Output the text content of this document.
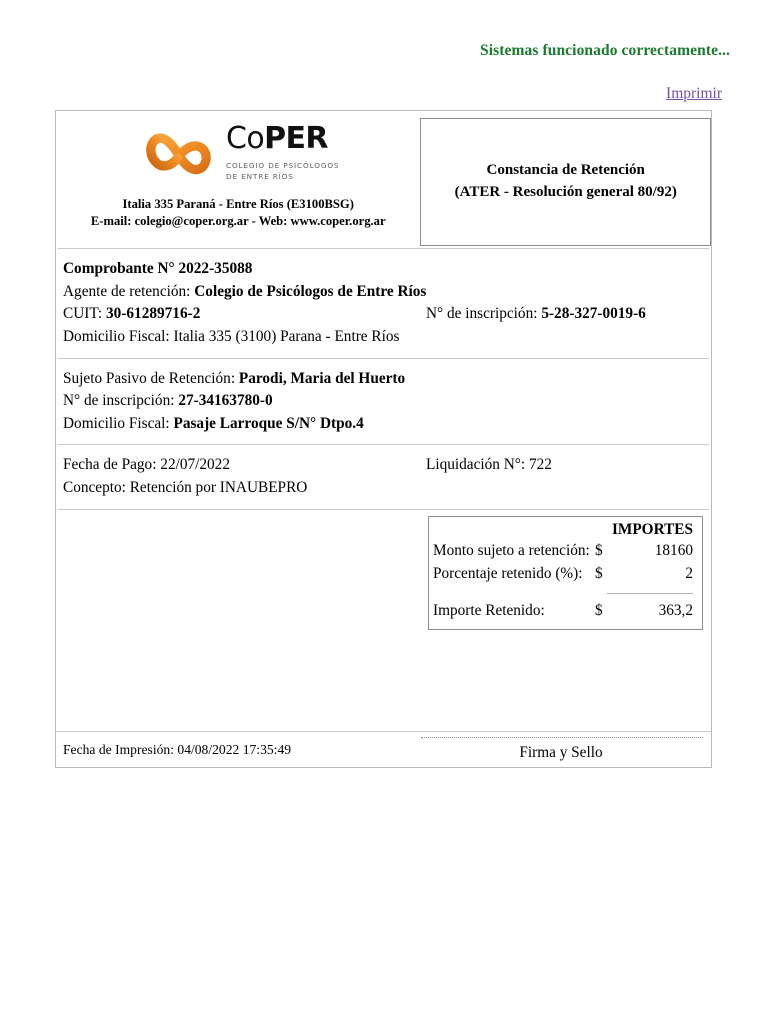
Sistemas funcionado correctamente...
Imprimir
CoPER
COLEGIO DE PSICÓLOGOS
DE ENTRE RÍOS
Italia 335 Paraná - Entre Ríos (E3100BSG)
E-mail: colegio@coper.org.ar - Web: www.coper.org.ar
Constancia de Retención
(ATER - Resolución general 80/92)
Comprobante N° 2022-35088
Agente de retención: Colegio de Psicólogos de Entre Ríos
CUIT: 30-61289716-2	N° de inscripción: 5-28-327-0019-6
Domicilio Fiscal: Italia 335 (3100) Parana - Entre Ríos
Sujeto Pasivo de Retención: Parodi, Maria del Huerto
N° de inscripción: 27-34163780-0
Domicilio Fiscal: Pasaje Larroque S/N° Dtpo.4
Fecha de Pago: 22/07/2022	Liquidación N°: 722
Concepto: Retención por INAUBEPRO
IMPORTES
Monto sujeto a retención: $	18160
Porcentaje retenido (%): $	2
Importe Retenido:	$	363,2
Fecha de Impresión: 04/08/2022 17:35:49	Firma y Sello
